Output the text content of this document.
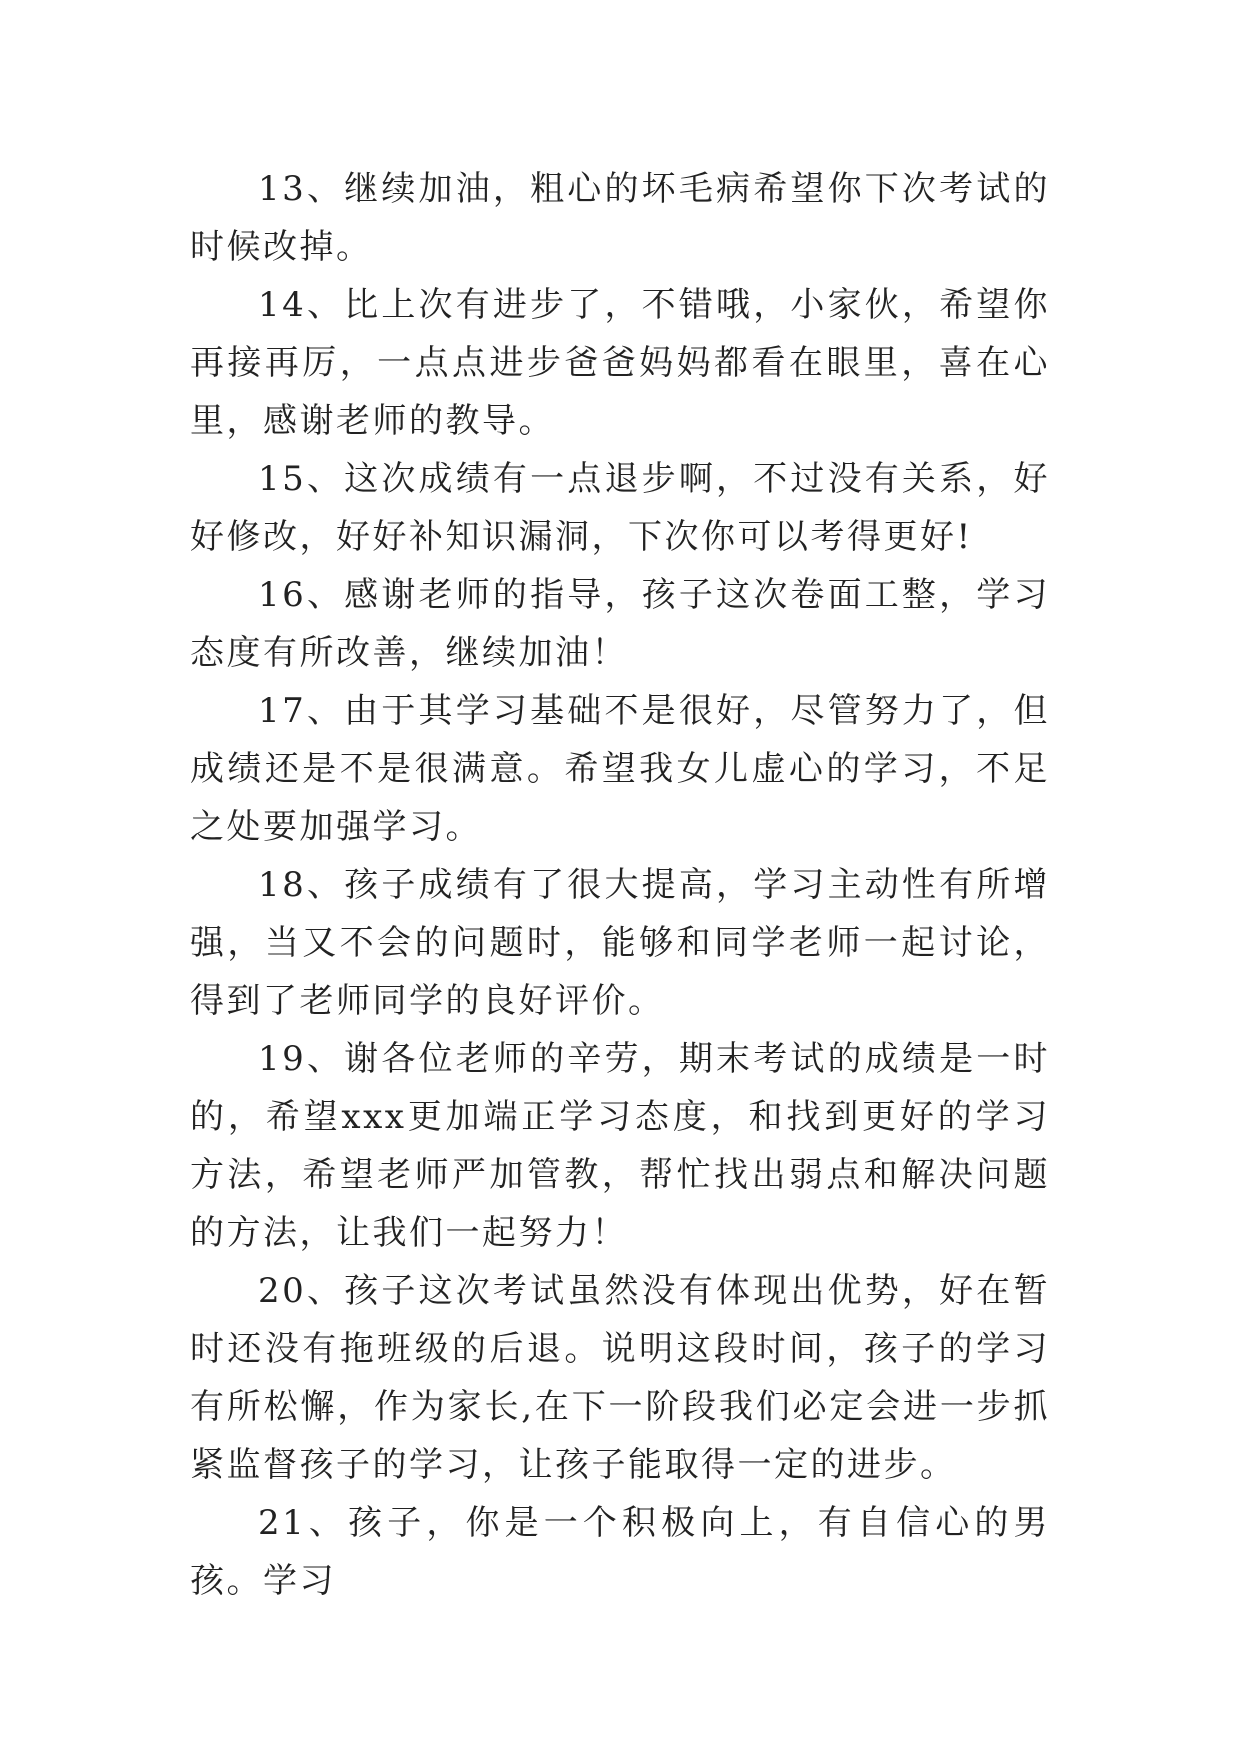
13、继续加油，粗心的坏毛病希望你下次考试的时候改掉。

14、比上次有进步了，不错哦，小家伙，希望你再接再厉，一点点进步爸爸妈妈都看在眼里，喜在心里，感谢老师的教导。

15、这次成绩有一点退步啊，不过没有关系，好好修改，好好补知识漏洞，下次你可以考得更好!

16、感谢老师的指导，孩子这次卷面工整，学习态度有所改善，继续加油！

17、由于其学习基础不是很好，尽管努力了，但成绩还是不是很满意。希望我女儿虚心的学习，不足之处要加强学习。

18、孩子成绩有了很大提高，学习主动性有所增强，当又不会的问题时，能够和同学老师一起讨论，得到了老师同学的良好评价。

19、谢各位老师的辛劳，期末考试的成绩是一时的，希望xxx更加端正学习态度，和找到更好的学习方法，希望老师严加管教，帮忙找出弱点和解决问题的方法，让我们一起努力！

20、孩子这次考试虽然没有体现出优势，好在暂时还没有拖班级的后退。说明这段时间，孩子的学习有所松懈，作为家长,在下一阶段我们必定会进一步抓紧监督孩子的学习，让孩子能取得一定的进步。

21、孩子，你是一个积极向上，有自信心的男孩。学习
